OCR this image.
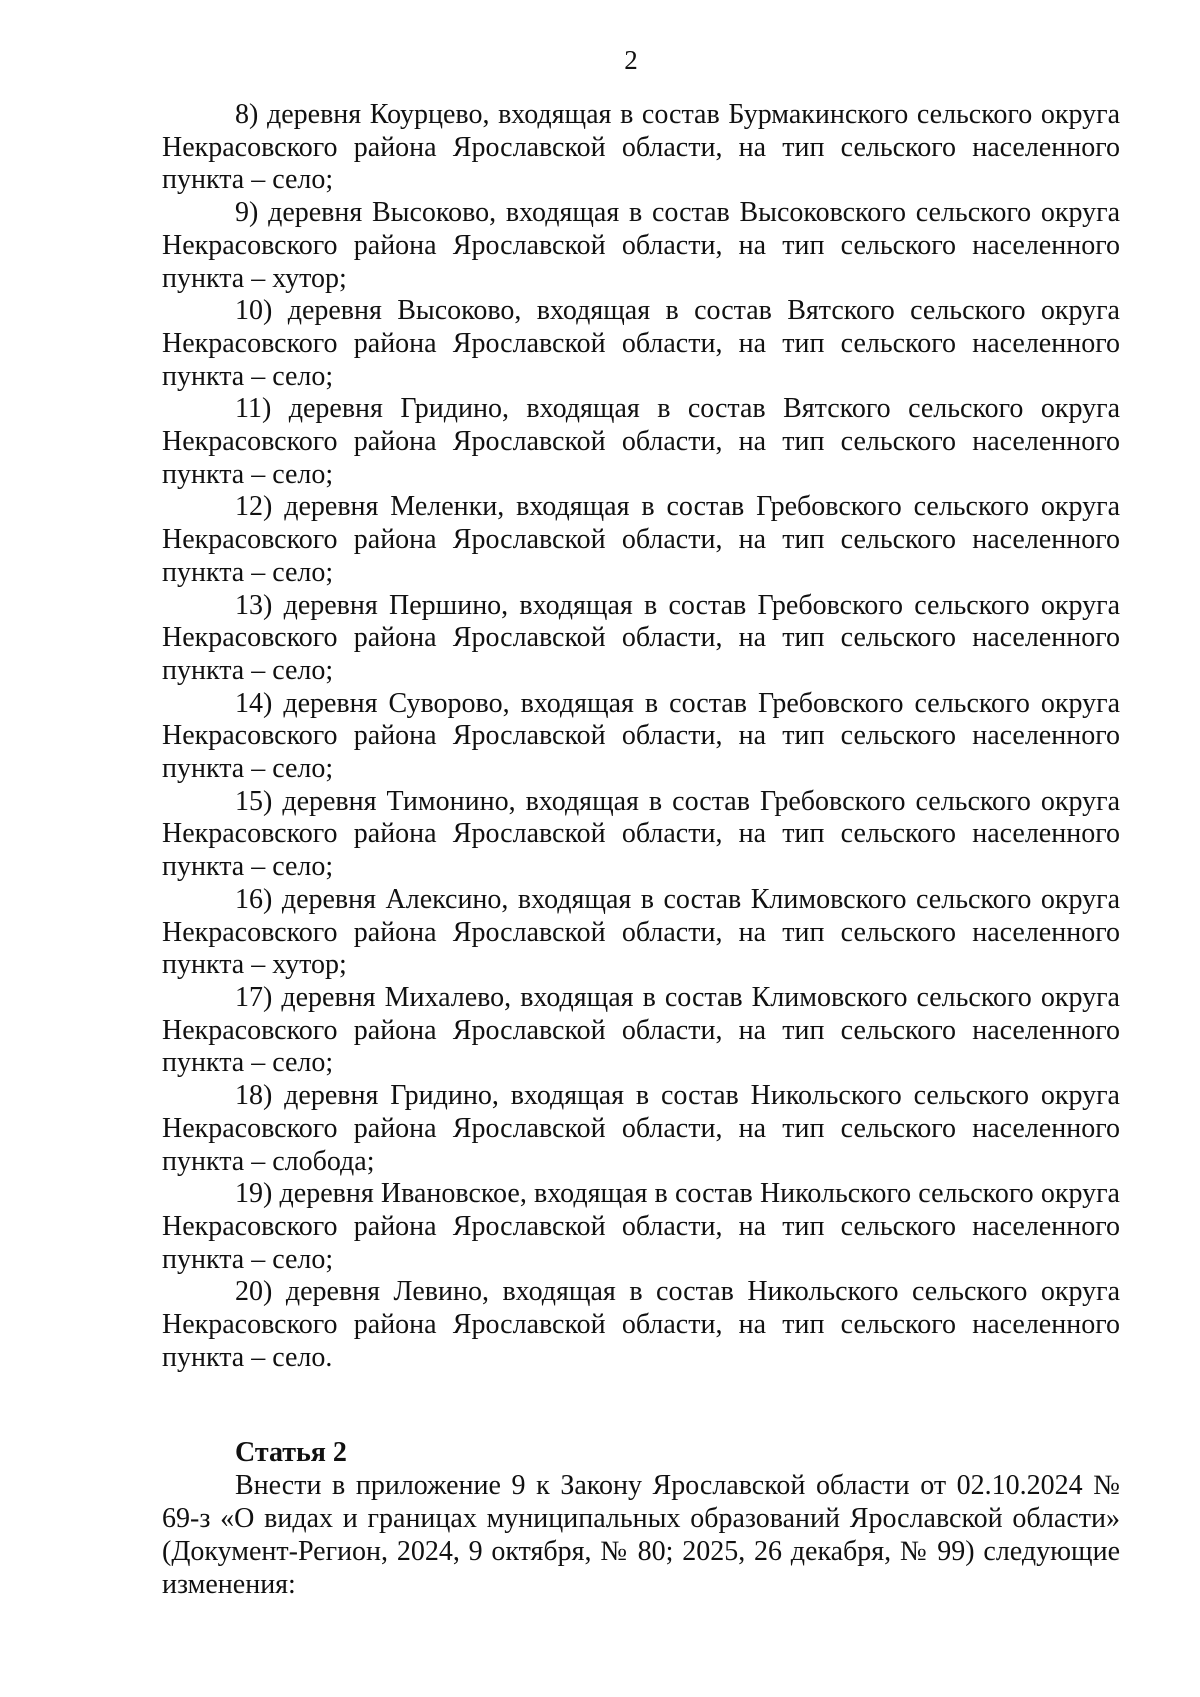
2

8) деревня Коурцево, входящая в состав Бурмакинского сельского округа Некрасовского района Ярославской области, на тип сельского населенного пункта – село;

9) деревня Высоково, входящая в состав Высоковского сельского округа Некрасовского района Ярославской области, на тип сельского населенного пункта – хутор;

10) деревня Высоково, входящая в состав Вятского сельского округа Некрасовского района Ярославской области, на тип сельского населенного пункта – село;

11) деревня Гридино, входящая в состав Вятского сельского округа Некрасовского района Ярославской области, на тип сельского населенного пункта – село;

12) деревня Меленки, входящая в состав Гребовского сельского округа Некрасовского района Ярославской области, на тип сельского населенного пункта – село;

13) деревня Першино, входящая в состав Гребовского сельского округа Некрасовского района Ярославской области, на тип сельского населенного пункта – село;

14) деревня Суворово, входящая в состав Гребовского сельского округа Некрасовского района Ярославской области, на тип сельского населенного пункта – село;

15) деревня Тимонино, входящая в состав Гребовского сельского округа Некрасовского района Ярославской области, на тип сельского населенного пункта – село;

16) деревня Алексино, входящая в состав Климовского сельского округа Некрасовского района Ярославской области, на тип сельского населенного пункта – хутор;

17) деревня Михалево, входящая в состав Климовского сельского округа Некрасовского района Ярославской области, на тип сельского населенного пункта – село;

18) деревня Гридино, входящая в состав Никольского сельского округа Некрасовского района Ярославской области, на тип сельского населенного пункта – слобода;

19) деревня Ивановское, входящая в состав Никольского сельского округа Некрасовского района Ярославской области, на тип сельского населенного пункта – село;

20) деревня Левино, входящая в состав Никольского сельского округа Некрасовского района Ярославской области, на тип сельского населенного пункта – село.

Статья 2

Внести в приложение 9 к Закону Ярославской области от 02.10.2024 № 69-з «О видах и границах муниципальных образований Ярославской области» (Документ-Регион, 2024, 9 октября, № 80; 2025, 26 декабря, № 99) следующие изменения:
